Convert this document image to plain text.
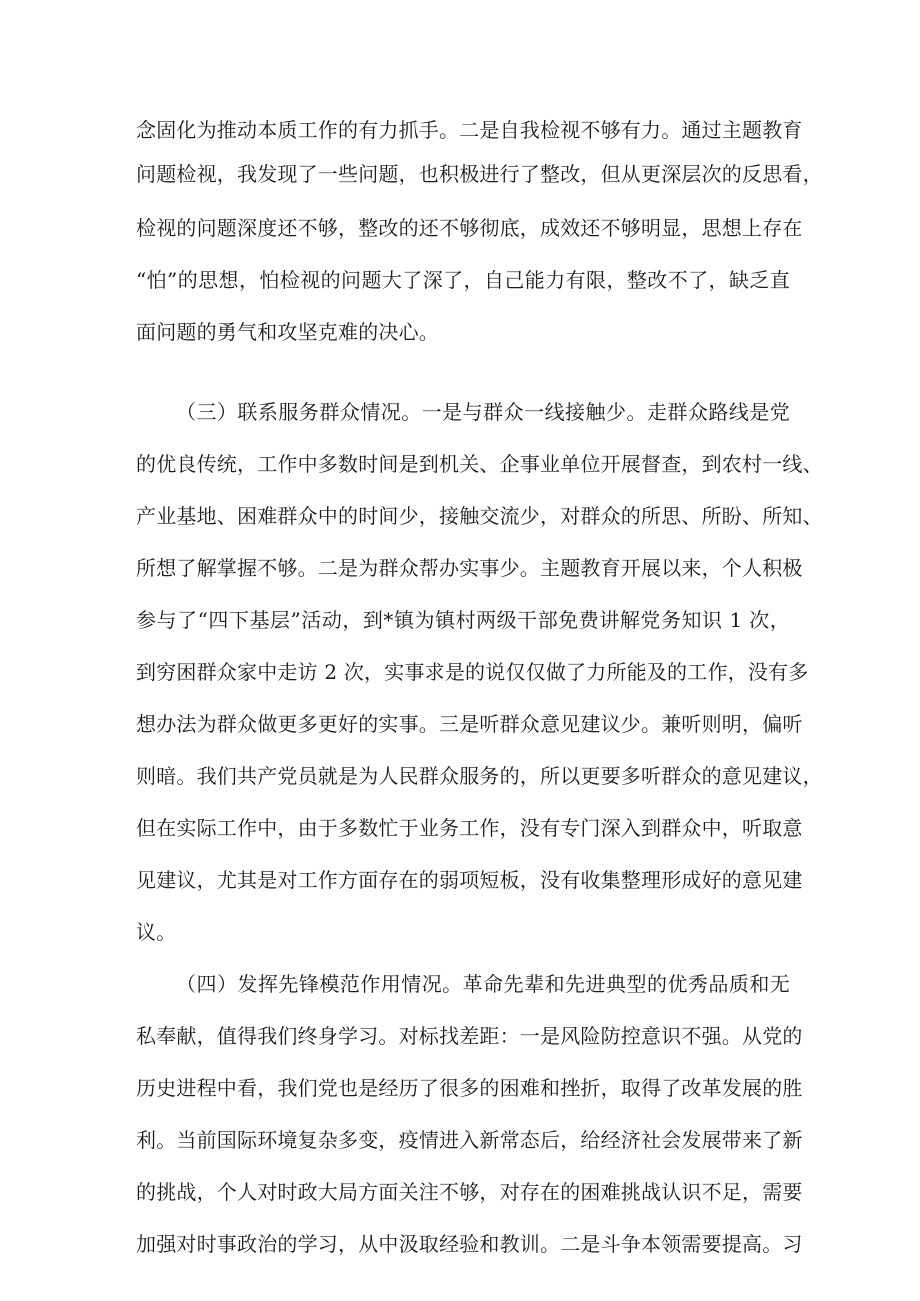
念固化为推动本质工作的有力抓手。二是自我检视不够有力。通过主题教育
问题检视，我发现了一些问题，也积极进行了整改，但从更深层次的反思看，
检视的问题深度还不够，整改的还不够彻底，成效还不够明显，思想上存在
“怕”的思想，怕检视的问题大了深了，自己能力有限，整改不了，缺乏直
面问题的勇气和攻坚克难的决心。
（三）联系服务群众情况。一是与群众一线接触少。走群众路线是党
的优良传统，工作中多数时间是到机关、企事业单位开展督查，到农村一线、
产业基地、困难群众中的时间少，接触交流少，对群众的所思、所盼、所知、
所想了解掌握不够。二是为群众帮办实事少。主题教育开展以来，个人积极
参与了“四下基层”活动，到*镇为镇村两级干部免费讲解党务知识 1 次，
到穷困群众家中走访 2 次，实事求是的说仅仅做了力所能及的工作，没有多
想办法为群众做更多更好的实事。三是听群众意见建议少。兼听则明，偏听
则暗。我们共产党员就是为人民群众服务的，所以更要多听群众的意见建议，
但在实际工作中，由于多数忙于业务工作，没有专门深入到群众中，听取意
见建议，尤其是对工作方面存在的弱项短板，没有收集整理形成好的意见建
议。
（四）发挥先锋模范作用情况。革命先辈和先进典型的优秀品质和无
私奉献，值得我们终身学习。对标找差距：一是风险防控意识不强。从党的
历史进程中看，我们党也是经历了很多的困难和挫折，取得了改革发展的胜
利。当前国际环境复杂多变，疫情进入新常态后，给经济社会发展带来了新
的挑战，个人对时政大局方面关注不够，对存在的困难挑战认识不足，需要
加强对时事政治的学习，从中汲取经验和教训。二是斗争本领需要提高。习
